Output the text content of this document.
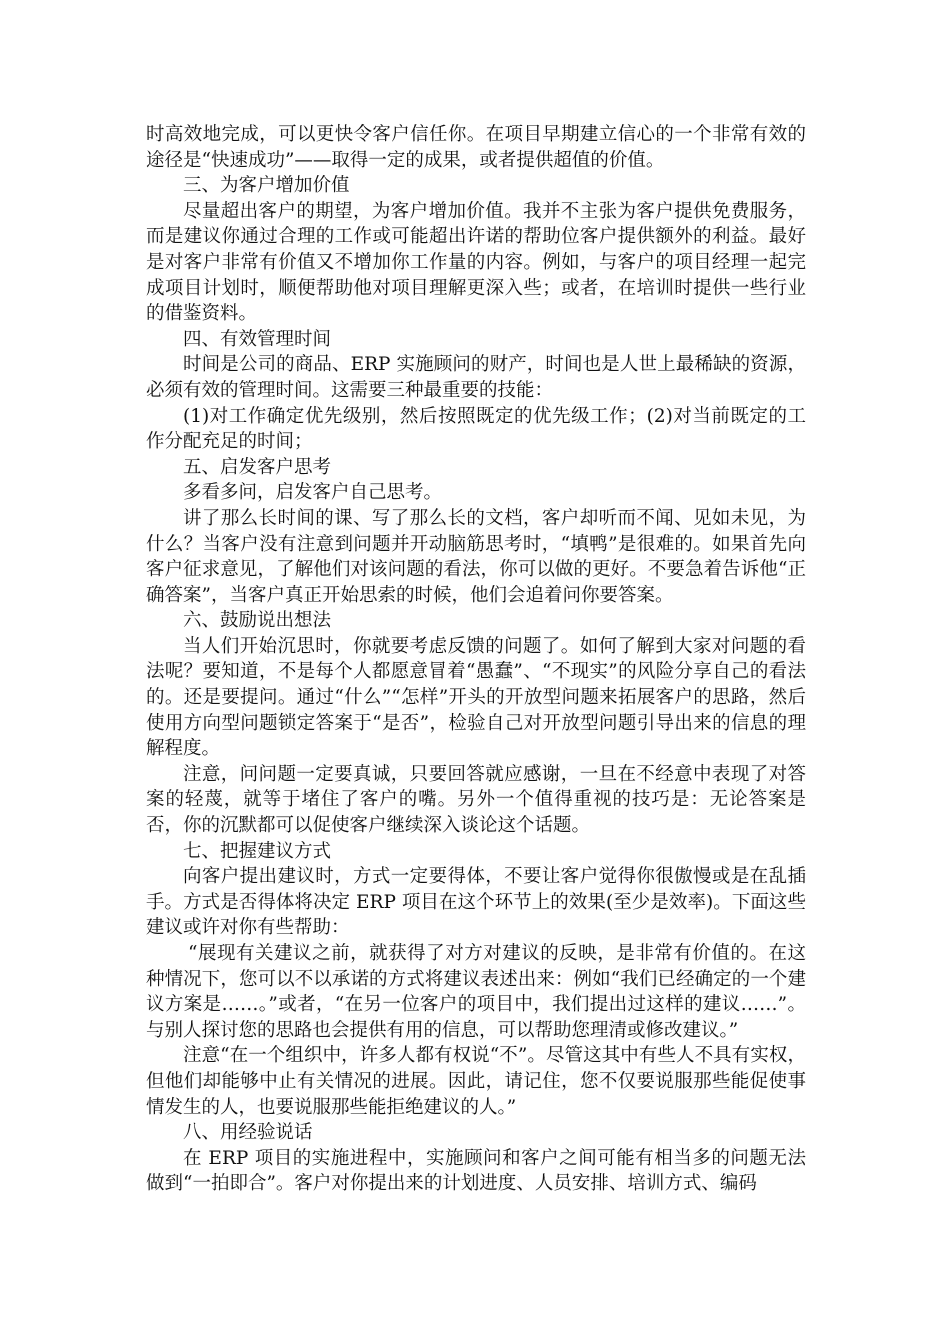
时高效地完成，可以更快令客户信任你。在项目早期建立信心的一个非常有效的途径是“快速成功”——取得一定的成果，或者提供超值的价值。

三、为客户增加价值

尽量超出客户的期望，为客户增加价值。我并不主张为客户提供免费服务，而是建议你通过合理的工作或可能超出许诺的帮助位客户提供额外的利益。最好是对客户非常有价值又不增加你工作量的内容。例如，与客户的项目经理一起完成项目计划时，顺便帮助他对项目理解更深入些；或者，在培训时提供一些行业的借鉴资料。

四、有效管理时间

时间是公司的商品、ERP 实施顾问的财产，时间也是人世上最稀缺的资源，必须有效的管理时间。这需要三种最重要的技能：

(1)对工作确定优先级别，然后按照既定的优先级工作；(2)对当前既定的工作分配充足的时间；

五、启发客户思考

多看多问，启发客户自己思考。

讲了那么长时间的课、写了那么长的文档，客户却听而不闻、见如未见，为什么？当客户没有注意到问题并开动脑筋思考时，“填鸭”是很难的。如果首先向客户征求意见，了解他们对该问题的看法，你可以做的更好。不要急着告诉他“正确答案”，当客户真正开始思索的时候，他们会追着问你要答案。

六、鼓励说出想法

当人们开始沉思时，你就要考虑反馈的问题了。如何了解到大家对问题的看法呢？要知道，不是每个人都愿意冒着“愚蠢”、“不现实”的风险分享自己的看法的。还是要提问。通过“什么”“怎样”开头的开放型问题来拓展客户的思路，然后使用方向型问题锁定答案于“是否”，检验自己对开放型问题引导出来的信息的理解程度。

注意，问问题一定要真诚，只要回答就应感谢，一旦在不经意中表现了对答案的轻蔑，就等于堵住了客户的嘴。另外一个值得重视的技巧是：无论答案是否，你的沉默都可以促使客户继续深入谈论这个话题。

七、把握建议方式

向客户提出建议时，方式一定要得体，不要让客户觉得你很傲慢或是在乱插手。方式是否得体将决定 ERP 项目在这个环节上的效果(至少是效率)。下面这些建议或许对你有些帮助：

“展现有关建议之前，就获得了对方对建议的反映，是非常有价值的。在这种情况下，您可以不以承诺的方式将建议表述出来：例如“我们已经确定的一个建议方案是……。”或者，“在另一位客户的项目中，我们提出过这样的建议……”。与别人探讨您的思路也会提供有用的信息，可以帮助您理清或修改建议。”

注意“在一个组织中，许多人都有权说“不”。尽管这其中有些人不具有实权，但他们却能够中止有关情况的进展。因此，请记住，您不仅要说服那些能促使事情发生的人，也要说服那些能拒绝建议的人。”

八、用经验说话

在 ERP 项目的实施进程中，实施顾问和客户之间可能有相当多的问题无法做到“一拍即合”。客户对你提出来的计划进度、人员安排、培训方式、编码
